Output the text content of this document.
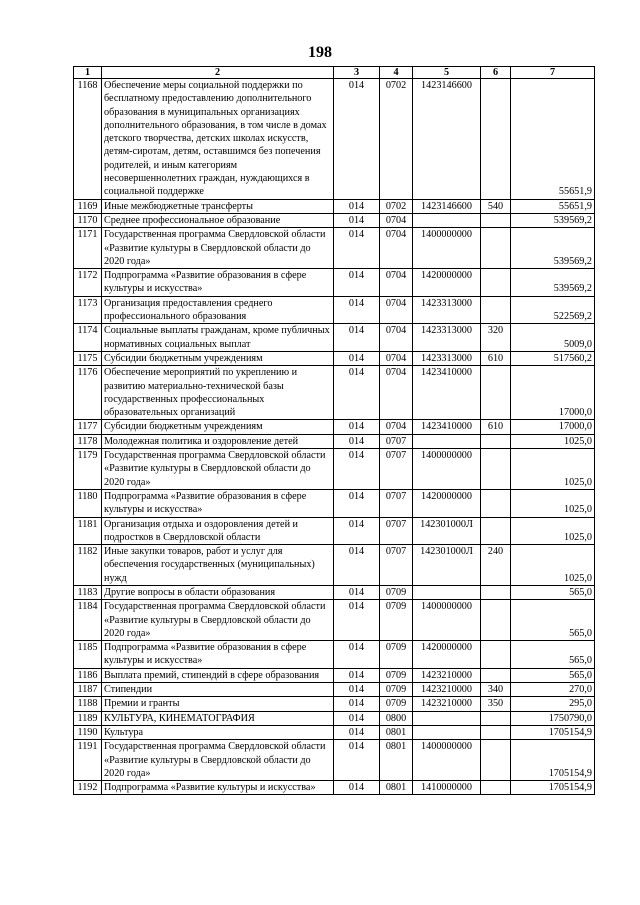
198
1	2	3	4	5	6	7
1168	Обеспечение меры социальной поддержки по бесплатному предоставлению дополнительного образования в муниципальных организациях дополнительного образования, в том числе в домах детского творчества, детских школах искусств, детям-сиротам, детям, оставшимся без попечения родителей, и иным категориям несовершеннолетних граждан, нуждающихся в социальной поддержке	014	0702	1423146600		55651,9
1169	Иные межбюджетные трансферты	014	0702	1423146600	540	55651,9
1170	Среднее профессиональное образование	014	0704			539569,2
1171	Государственная программа Свердловской области «Развитие культуры в Свердловской области до 2020 года»	014	0704	1400000000		539569,2
1172	Подпрограмма «Развитие образования в сфере культуры и искусства»	014	0704	1420000000		539569,2
1173	Организация предоставления среднего профессионального образования	014	0704	1423313000		522569,2
1174	Социальные выплаты гражданам, кроме публичных нормативных социальных выплат	014	0704	1423313000	320	5009,0
1175	Субсидии бюджетным учреждениям	014	0704	1423313000	610	517560,2
1176	Обеспечение мероприятий по укреплению и развитию материально-технической базы государственных профессиональных образовательных организаций	014	0704	1423410000		17000,0
1177	Субсидии бюджетным учреждениям	014	0704	1423410000	610	17000,0
1178	Молодежная политика и оздоровление детей	014	0707			1025,0
1179	Государственная программа Свердловской области «Развитие культуры в Свердловской области до 2020 года»	014	0707	1400000000		1025,0
1180	Подпрограмма «Развитие образования в сфере культуры и искусства»	014	0707	1420000000		1025,0
1181	Организация отдыха и оздоровления детей и подростков в Свердловской области	014	0707	142301000Л		1025,0
1182	Иные закупки товаров, работ и услуг для обеспечения государственных (муниципальных) нужд	014	0707	142301000Л	240	1025,0
1183	Другие вопросы в области образования	014	0709			565,0
1184	Государственная программа Свердловской области «Развитие культуры в Свердловской области до 2020 года»	014	0709	1400000000		565,0
1185	Подпрограмма «Развитие образования в сфере культуры и искусства»	014	0709	1420000000		565,0
1186	Выплата премий, стипендий в сфере образования	014	0709	1423210000		565,0
1187	Стипендии	014	0709	1423210000	340	270,0
1188	Премии и гранты	014	0709	1423210000	350	295,0
1189	КУЛЬТУРА, КИНЕМАТОГРАФИЯ	014	0800			1750790,0
1190	Культура	014	0801			1705154,9
1191	Государственная программа Свердловской области «Развитие культуры в Свердловской области до 2020 года»	014	0801	1400000000		1705154,9
1192	Подпрограмма «Развитие культуры и искусства»	014	0801	1410000000		1705154,9
